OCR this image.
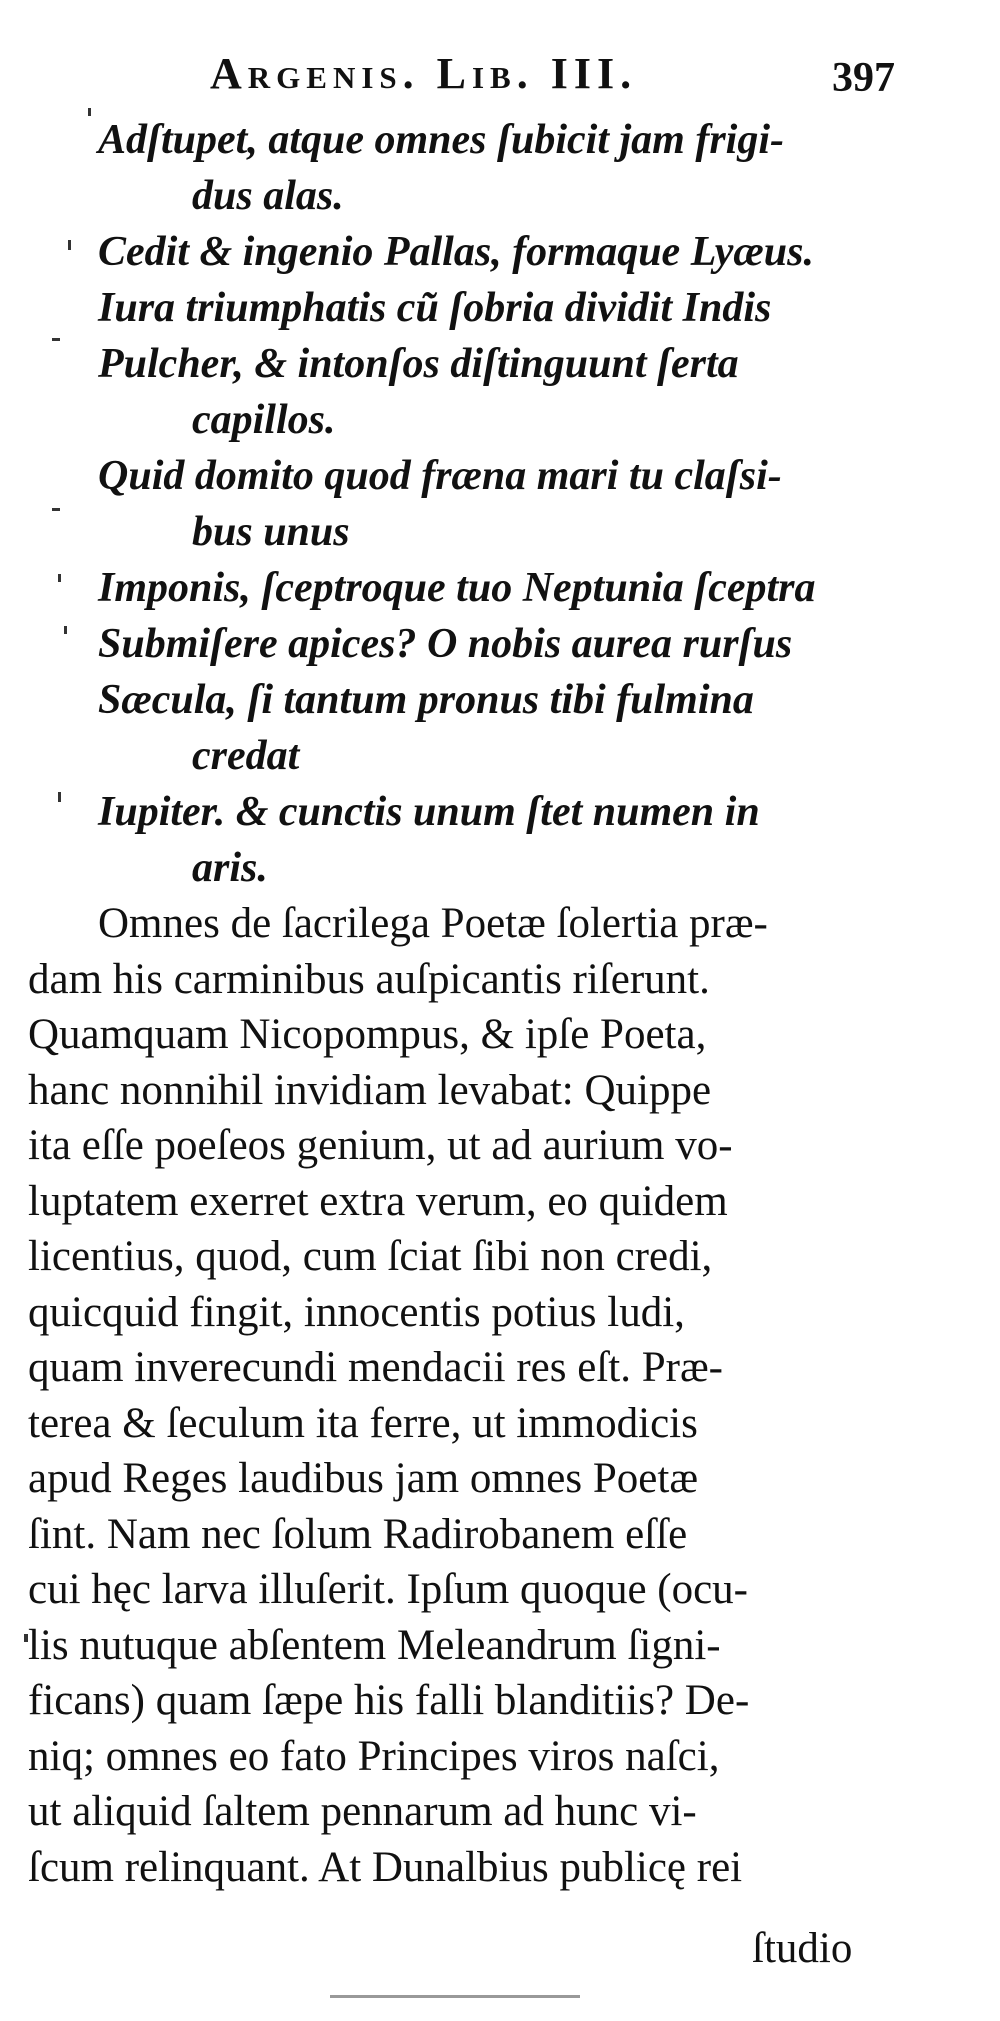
Argenis. Lib. III.	397
Adſtupet, atque omnes ſubicit jam frigi-
dus alas.
Cedit & ingenio Pallas, formaque Lyæus.
Iura triumphatis cũ ſobria dividit Indis
Pulcher, & intonſos diſtinguunt ſerta
capillos.
Quid domito quod fræna mari tu claſsi-
bus unus
Imponis, ſceptroque tuo Neptunia ſceptra
Submiſere apices? O nobis aurea rurſus
Sæcula, ſi tantum pronus tibi fulmina
credat
Iupiter. & cunctis unum ſtet numen in
aris.
Omnes de ſacrilega Poetæ ſolertia præ-
dam his carminibus auſpicantis riſerunt.
Quamquam Nicopompus, & ipſe Poeta,
hanc nonnihil invidiam levabat: Quippe
ita eſſe poeſeos genium, ut ad aurium vo-
luptatem exerret extra verum, eo quidem
licentius, quod, cum ſciat ſibi non credi,
quicquid fingit, innocentis potius ludi,
quam inverecundi mendacii res eſt. Præ-
terea & ſeculum ita ferre, ut immodicis
apud Reges laudibus jam omnes Poetæ
ſint. Nam nec ſolum Radirobanem eſſe
cui hęc larva illuſerit. Ipſum quoque (ocu-
lis nutuque abſentem Meleandrum ſigni-
ficans) quam ſæpe his falli blanditiis? De-
niq; omnes eo fato Principes viros naſci,
ut aliquid ſaltem pennarum ad hunc vi-
ſcum relinquant. At Dunalbius publicę rei
ſtudio
